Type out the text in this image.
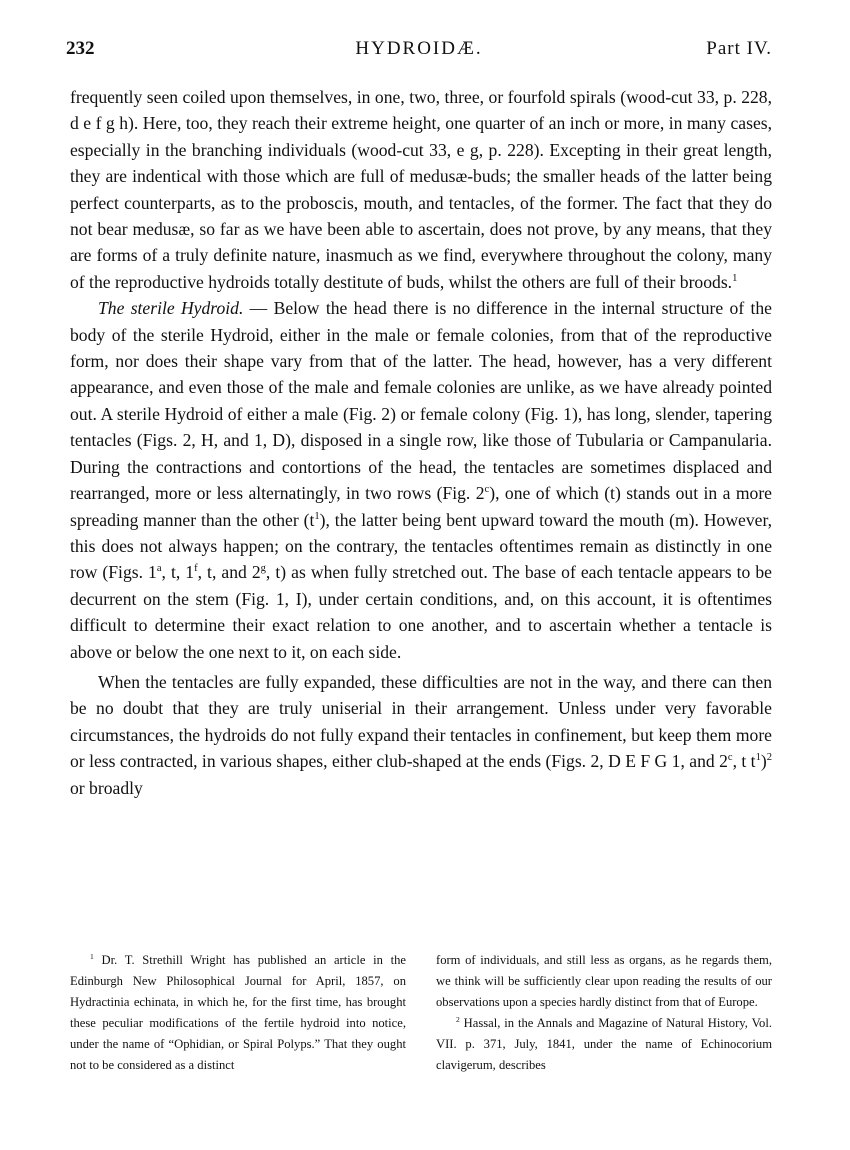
232	HYDROIDÆ.	Part IV.

frequently seen coiled upon themselves, in one, two, three, or fourfold spirals (wood-cut 33, p. 228, d e f g h). Here, too, they reach their extreme height, one quarter of an inch or more, in many cases, especially in the branching individuals (wood-cut 33, e g, p. 228). Excepting in their great length, they are indentical with those which are full of medusæ-buds; the smaller heads of the latter being perfect counterparts, as to the proboscis, mouth, and tentacles, of the former. The fact that they do not bear medusæ, so far as we have been able to ascertain, does not prove, by any means, that they are forms of a truly definite nature, inasmuch as we find, everywhere throughout the colony, many of the reproductive hydroids totally destitute of buds, whilst the others are full of their broods.$^1$

The sterile Hydroid. — Below the head there is no difference in the internal structure of the body of the sterile Hydroid, either in the male or female colonies, from that of the reproductive form, nor does their shape vary from that of the latter. The head, however, has a very different appearance, and even those of the male and female colonies are unlike, as we have already pointed out. A sterile Hydroid of either a male (Fig. 2) or female colony (Fig. 1), has long, slender, tapering tentacles (Figs. 2, H, and 1, D), disposed in a single row, like those of Tubularia or Campanularia. During the contractions and contortions of the head, the tentacles are sometimes displaced and rearranged, more or less alternatingly, in two rows (Fig. 2$^c$), one of which (t) stands out in a more spreading manner than the other $(t^1)$, the latter being bent upward toward the mouth (m). However, this does not always happen; on the contrary, the tentacles oftentimes remain as distinctly in one row (Figs. 1$^a$, t, 1$^f$, t, and 2$^g$, t) as when fully stretched out. The base of each tentacle appears to be decurrent on the stem (Fig. 1, I), under certain conditions, and, on this account, it is oftentimes difficult to determine their exact relation to one another, and to ascertain whether a tentacle is above or below the one next to it, on each side.

When the tentacles are fully expanded, these difficulties are not in the way, and there can then be no doubt that they are truly uniserial in their arrangement. Unless under very favorable circumstances, the hydroids do not fully expand their tentacles in confinement, but keep them more or less contracted, in various shapes, either club-shaped at the ends (Figs. 2, D E F G 1, and 2$^c$, t $t^1)^2$ or broadly

$^1$ Dr. T. Strethill Wright has published an article in the Edinburgh New Philosophical Journal for April, 1857, on Hydractinia echinata, in which he, for the first time, has brought these peculiar modifications of the fertile hydroid into notice, under the name of “Ophidian, or Spiral Polyps.” That they ought not to be considered as a distinct

form of individuals, and still less as organs, as he regards them, we think will be sufficiently clear upon reading the results of our observations upon a species hardly distinct from that of Europe.

$^2$ Hassal, in the Annals and Magazine of Natural History, Vol. VII. p. 371, July, 1841, under the name of Echinocorium clavigerum, describes
